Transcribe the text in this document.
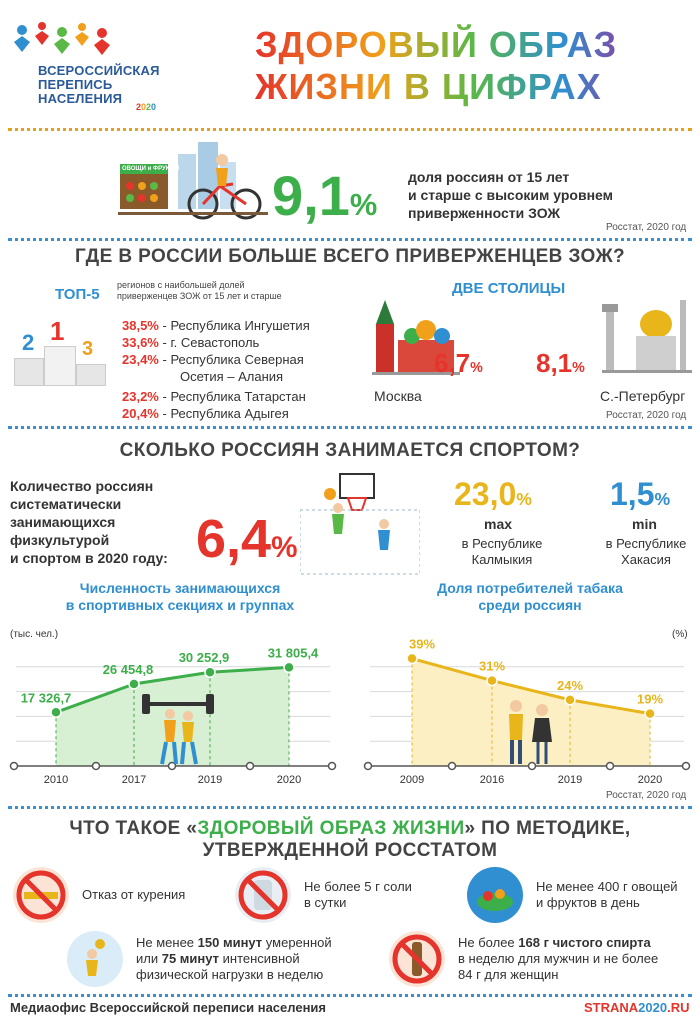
ВСЕРОССИЙСКАЯ
ПЕРЕПИСЬ
НАСЕЛЕНИЯ
2020
ЗДОРОВЫЙ ОБРАЗ
ЖИЗНИ В ЦИФРАХ
ОВОЩИ и ФРУКТЫ 9,1%
доля россиян от 15 лет
и старше с высоким уровнем
приверженности ЗОЖ
Росстат, 2020 год
ГДЕ В РОССИИ БОЛЬШЕ ВСЕГО ПРИВЕРЖЕНЦЕВ ЗОЖ?
ТОП-5
регионов с наибольшей долей
приверженцев ЗОЖ от 15 лет и старше
1
2 3
38,5% - Республика Ингушетия
33,6% - г. Севастополь
23,4% - Республика Северная
Осетия – Алания
23,2% - Республика Татарстан
20,4% - Республика Адыгея
ДВЕ СТОЛИЦЫ
6,7% 8,1%
Москва	С.-Петербург
Росстат, 2020 год
СКОЛЬКО РОССИЯН ЗАНИМАЕТСЯ СПОРТОМ?
Количество россиян
систематически
занимающихся
физкультурой
и спортом в 2020 году: 6,4%
23,0%
max
в Республике
Калмыкия
1,5%
min
в Республике
Хакасия
Численность занимающихся
в спортивных секциях и группах
Доля потребителей табака
среди россиян
(тыс. чел.)	(%)
17 326,7
2010
26 454,8
2017
30 252,9
2019
31 805,4
2020
39%
2009
31%
2016
24%
2019
19%
2020
Росстат, 2020 год
ЧТО ТАКОЕ «ЗДОРОВЫЙ ОБРАЗ ЖИЗНИ» ПО МЕТОДИКЕ,
УТВЕРЖДЕННОЙ РОССТАТОМ
Отказ от курения
Не более 5 г соли
в сутки
Не менее 400 г овощей
и фруктов в день
Не менее 150 минут умеренной
или 75 минут интенсивной
физической нагрузки в неделю
Не более 168 г чистого спирта
в неделю для мужчин и не более
84 г для женщин
Медиаофис Всероссийской переписи населения	STRANA2020.RU
